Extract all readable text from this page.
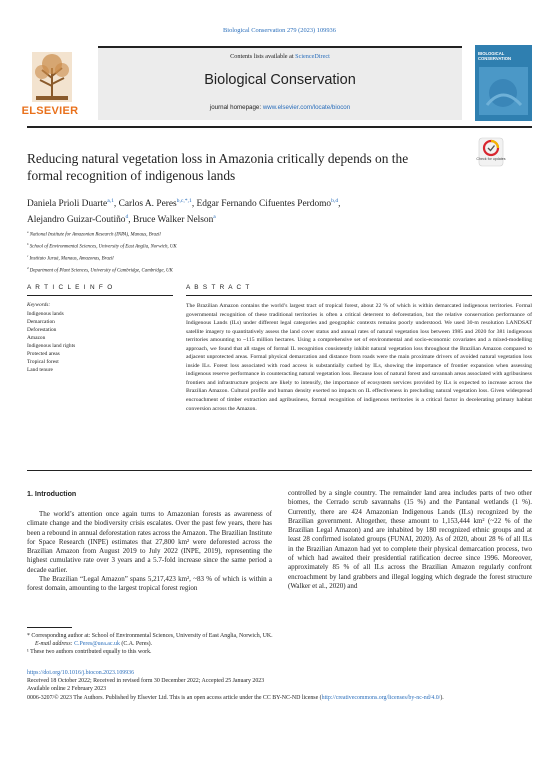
Biological Conservation 279 (2023) 109936
Contents lists available at ScienceDirect
Biological Conservation
journal homepage: www.elsevier.com/locate/biocon
ELSEVIER
BIOLOGICAL CONSERVATION
Reducing natural vegetation loss in Amazonia critically depends on the
formal recognition of indigenous lands
Check for updates
Daniela Prioli Duarte$^{a,1}$, Carlos A. Peres$^{b,c,*,1}$, Edgar Fernando Cifuentes Perdomo$^{b,d}$,
Alejandro Guizar-Coutiño$^d$, Bruce Walker Nelson$^a$
$^a$ National Institute for Amazonian Research (INPA), Manaus, Brazil
$^b$ School of Environmental Sciences, University of East Anglia, Norwich, UK
$^c$ Instituto Juruá, Manaus, Amazonas, Brazil
$^d$ Department of Plant Sciences, University of Cambridge, Cambridge, UK
A R T I C L E I N F O	A B S T R A C T
Keywords:
Indigenous lands
Demarcation
Deforestation
Amazon
Indigenous land rights
Protected areas
Tropical forest
Land tenure
The Brazilian Amazon contains the world’s largest tract of tropical forest, about 22 % of which is within demarcated indigenous territories. Formal governmental recognition of these traditional territories is often a critical deterrent to deforestation, but the relative conservation performance of Indigenous Lands (ILs) under different legal categories and geographic contexts remains poorly understood. We used 30-m resolution LANDSAT satellite imagery to quantitatively assess the land cover status and annual rates of natural vegetation loss between 1985 and 2020 for 381 indigenous territories amounting to ~115 million hectares. Using a comprehensive set of environmental and socio-economic covariates and a mixed-modelling approach, we found that all stages of formal IL recognition consistently inhibit natural vegetation loss throughout the Brazilian Amazon compared to adjacent unprotected areas. Formal physical demarcation and distance from roads were the main proximate drivers of avoided natural vegetation loss inside ILs. Forest loss associated with road access is substantially curbed by ILs, showing the importance of frontier expansion when assessing indigenous reserve performance in counteracting natural vegetation loss. Because loss of natural forest and savannah areas associated with agribusiness frontiers and infrastructure projects are likely to intensify, the importance of ecosystem services provided by ILs is expected to increase across the Brazilian Amazon. Cultural profile and human density exerted no impacts on IL effectiveness in precluding natural vegetation loss. Given widespread encroachment of timber extraction and agribusiness, formal recognition of indigenous territories is a critical factor in decelerating primary habitat conversion across the Amazon.
1. Introduction

The world’s attention once again turns to Amazonian forests as awareness of climate change and the biodiversity crisis escalates. Over the past few years, there has been a rebound in annual deforestation rates across the Amazon. The Brazilian Institute for Space Research (INPE) estimates that 27,800 km² were deforested across the Brazilian Amazon from August 2019 to July 2022 (INPE, 2019), representing the highest cumulative rate over 3 years and a 5.7-fold increase since the same period a decade earlier.

The Brazilian “Legal Amazon” spans 5,217,423 km², ~83 % of which is within a forest domain, amounting to the largest tropical forest region

controlled by a single country. The remainder land area includes parts of two other biomes, the Cerrado scrub savannahs (15 %) and the Pantanal wetlands (1 %). Currently, there are 424 Amazonian Indigenous Lands (ILs) recognized by the Brazilian government. Altogether, these amount to 1,153,444 km² (~22 % of the Brazilian Legal Amazon) and are inhabited by 180 recognized ethnic groups and at least 28 confirmed isolated groups (FUNAI, 2020). As of 2020, about 28 % of all ILs in the Brazilian Amazon had yet to complete their physical demarcation process, two of which had awaited their presidential ratification decree since 1996. Moreover, approximately 85 % of all ILs across the Brazilian Amazon regularly confront encroachment by land grabbers and illegal logging which degrade the forest structure (Walker et al., 2020) and

* Corresponding author at: School of Environmental Sciences, University of East Anglia, Norwich, UK.
E-mail address: C.Peres@uea.ac.uk (C.A. Peres).
¹ These two authors contributed equally to this work.
https://doi.org/10.1016/j.biocon.2023.109936
Received 18 October 2022; Received in revised form 30 December 2022; Accepted 25 January 2023
Available online 2 February 2023
0006-3207/© 2023 The Authors. Published by Elsevier Ltd. This is an open access article under the CC BY-NC-ND license (http://creativecommons.org/licenses/by-nc-nd/4.0/).
